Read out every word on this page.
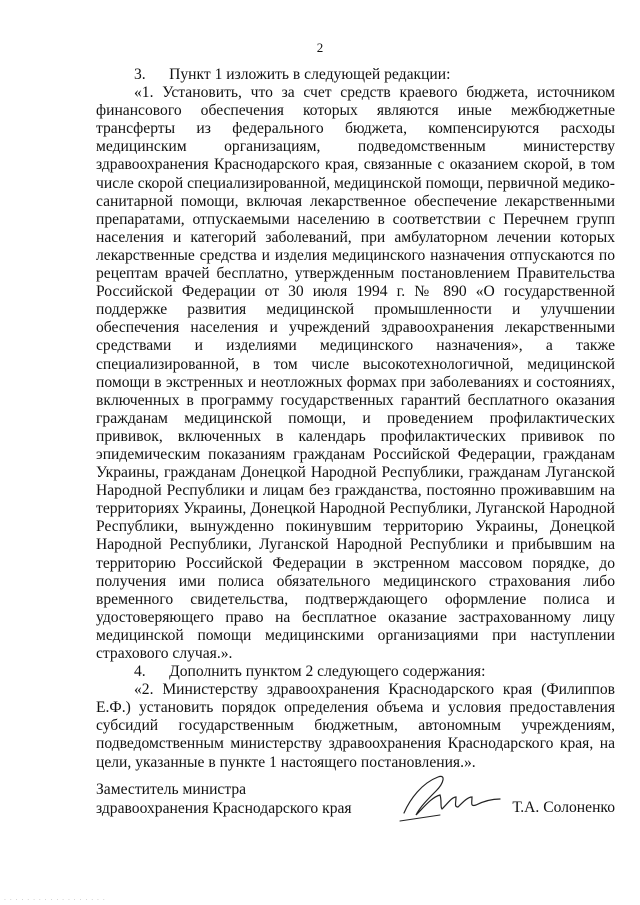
2

3.      Пункт 1 изложить в следующей редакции:

«1. Установить, что за счет средств краевого бюджета, источником финансового обеспечения которых являются иные межбюджетные трансферты из федерального бюджета, компенсируются расходы медицинским организациям, подведомственным министерству здравоохранения Краснодарского края, связанные с оказанием скорой, в том числе скорой специализированной, медицинской помощи, первичной медико-санитарной помощи, включая лекарственное обеспечение лекарственными препаратами, отпускаемыми населению в соответствии с Перечнем групп населения и категорий заболеваний, при амбулаторном лечении которых лекарственные средства и изделия медицинского назначения отпускаются по рецептам врачей бесплатно, утвержденным постановлением Правительства Российской Федерации от 30 июля 1994 г. № 890 «О государственной поддержке развития медицинской промышленности и улучшении обеспечения населения и учреждений здравоохранения лекарственными средствами и изделиями медицинского назначения», а также специализированной, в том числе высокотехнологичной, медицинской помощи в экстренных и неотложных формах при заболеваниях и состояниях, включенных в программу государственных гарантий бесплатного оказания гражданам медицинской помощи, и проведением профилактических прививок, включенных в календарь профилактических прививок по эпидемическим показаниям гражданам Российской Федерации, гражданам Украины, гражданам Донецкой Народной Республики, гражданам Луганской Народной Республики и лицам без гражданства, постоянно проживавшим на территориях Украины, Донецкой Народной Республики, Луганской Народной Республики, вынужденно покинувшим территорию Украины, Донецкой Народной Республики, Луганской Народной Республики и прибывшим на территорию Российской Федерации в экстренном массовом порядке, до получения ими полиса обязательного медицинского страхования либо временного свидетельства, подтверждающего оформление полиса и удостоверяющего право на бесплатное оказание застрахованному лицу медицинской помощи медицинскими организациями при наступлении страхового случая.».

4.      Дополнить пунктом 2 следующего содержания:

«2. Министерству здравоохранения Краснодарского края (Филиппов Е.Ф.) установить порядок определения объема и условия предоставления субсидий государственным бюджетным, автономным учреждениям, подведомственным министерству здравоохранения Краснодарского края, на цели, указанные в пункте 1 настоящего постановления.».

Заместитель министра
здравоохранения Краснодарского края	Т.А. Солоненко
· · · · · · · · · · · · · · · · · ·
